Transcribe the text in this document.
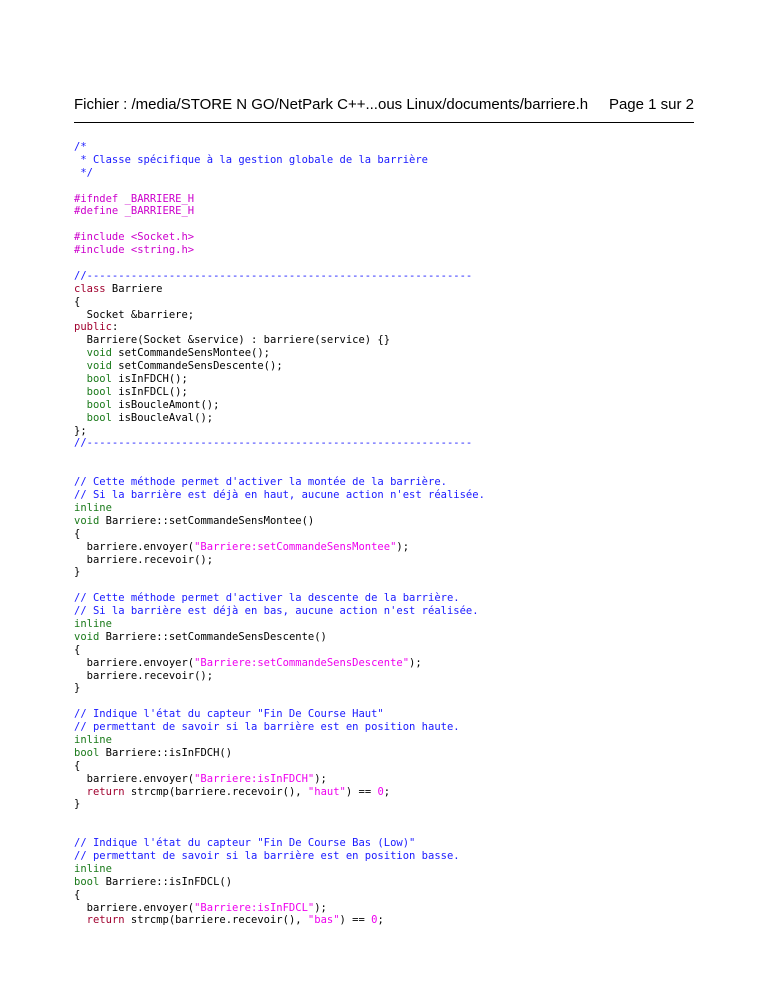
Fichier : /media/STORE N GO/NetPark C++...ous Linux/documents/barriere.h Page 1 sur 2
/*
* Classe spécifique à la gestion globale de la barrière
*/
#ifndef _BARRIERE_H
#define _BARRIERE_H
#include <Socket.h>
#include <string.h>
//-------------------------------------------------------------
class Barriere
{
Socket &barriere;
public:
Barriere(Socket &service) : barriere(service) {}
void setCommandeSensMontee();
void setCommandeSensDescente();
bool isInFDCH();
bool isInFDCL();
bool isBoucleAmont();
bool isBoucleAval();
};
//-------------------------------------------------------------
// Cette méthode permet d'activer la montée de la barrière.
// Si la barrière est déjà en haut, aucune action n'est réalisée.
inline
void Barriere::setCommandeSensMontee()
{
barriere.envoyer("Barriere:setCommandeSensMontee");
barriere.recevoir();
}
// Cette méthode permet d'activer la descente de la barrière.
// Si la barrière est déjà en bas, aucune action n'est réalisée.
inline
void Barriere::setCommandeSensDescente()
{
barriere.envoyer("Barriere:setCommandeSensDescente");
barriere.recevoir();
}
// Indique l'état du capteur "Fin De Course Haut"
// permettant de savoir si la barrière est en position haute.
inline
bool Barriere::isInFDCH()
{
barriere.envoyer("Barriere:isInFDCH");
return strcmp(barriere.recevoir(), "haut") == 0;
}
// Indique l'état du capteur "Fin De Course Bas (Low)"
// permettant de savoir si la barrière est en position basse.
inline
bool Barriere::isInFDCL()
{
barriere.envoyer("Barriere:isInFDCL");
return strcmp(barriere.recevoir(), "bas") == 0;
